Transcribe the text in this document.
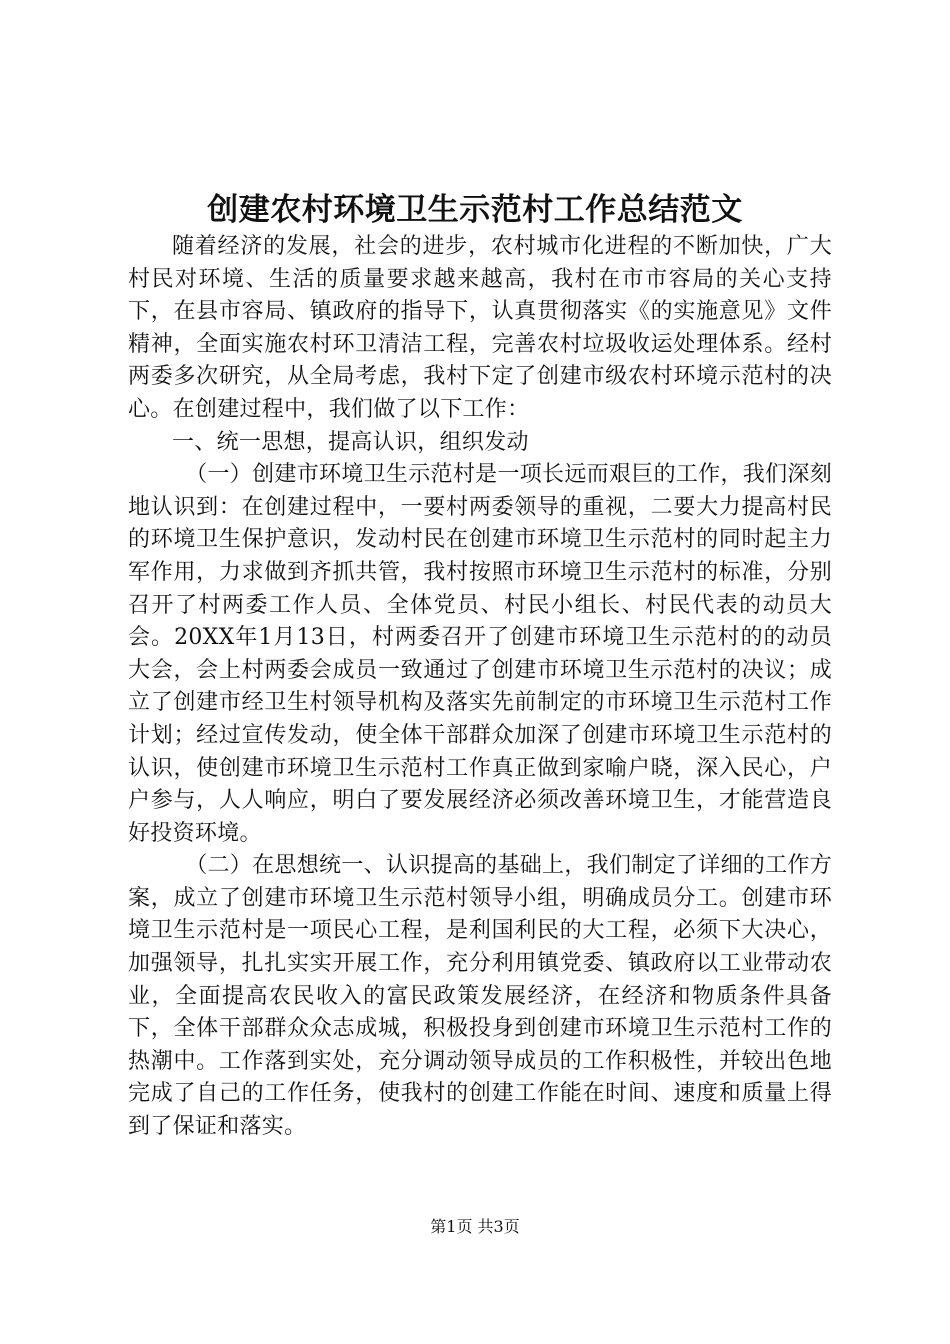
创建农村环境卫生示范村工作总结范文

随着经济的发展，社会的进步，农村城市化进程的不断加快，广大村民对环境、生活的质量要求越来越高，我村在市市容局的关心支持下，在县市容局、镇政府的指导下，认真贯彻落实《的实施意见》文件精神，全面实施农村环卫清洁工程，完善农村垃圾收运处理体系。经村两委多次研究，从全局考虑，我村下定了创建市级农村环境示范村的决心。在创建过程中，我们做了以下工作：

一、统一思想，提高认识，组织发动

（一）创建市环境卫生示范村是一项长远而艰巨的工作，我们深刻地认识到：在创建过程中，一要村两委领导的重视，二要大力提高村民的环境卫生保护意识，发动村民在创建市环境卫生示范村的同时起主力军作用，力求做到齐抓共管，我村按照市环境卫生示范村的标准，分别召开了村两委工作人员、全体党员、村民小组长、村民代表的动员大会。20XX年1月13日，村两委召开了创建市环境卫生示范村的的动员大会，会上村两委会成员一致通过了创建市环境卫生示范村的决议；成立了创建市经卫生村领导机构及落实先前制定的市环境卫生示范村工作计划；经过宣传发动，使全体干部群众加深了创建市环境卫生示范村的认识，使创建市环境卫生示范村工作真正做到家喻户晓，深入民心，户户参与，人人响应，明白了要发展经济必须改善环境卫生，才能营造良好投资环境。

（二）在思想统一、认识提高的基础上，我们制定了详细的工作方案，成立了创建市环境卫生示范村领导小组，明确成员分工。创建市环境卫生示范村是一项民心工程，是利国利民的大工程，必须下大决心，加强领导，扎扎实实开展工作，充分利用镇党委、镇政府以工业带动农业，全面提高农民收入的富民政策发展经济，在经济和物质条件具备下，全体干部群众众志成城，积极投身到创建市环境卫生示范村工作的热潮中。工作落到实处，充分调动领导成员的工作积极性，并较出色地完成了自己的工作任务，使我村的创建工作能在时间、速度和质量上得到了保证和落实。

第1页 共3页
